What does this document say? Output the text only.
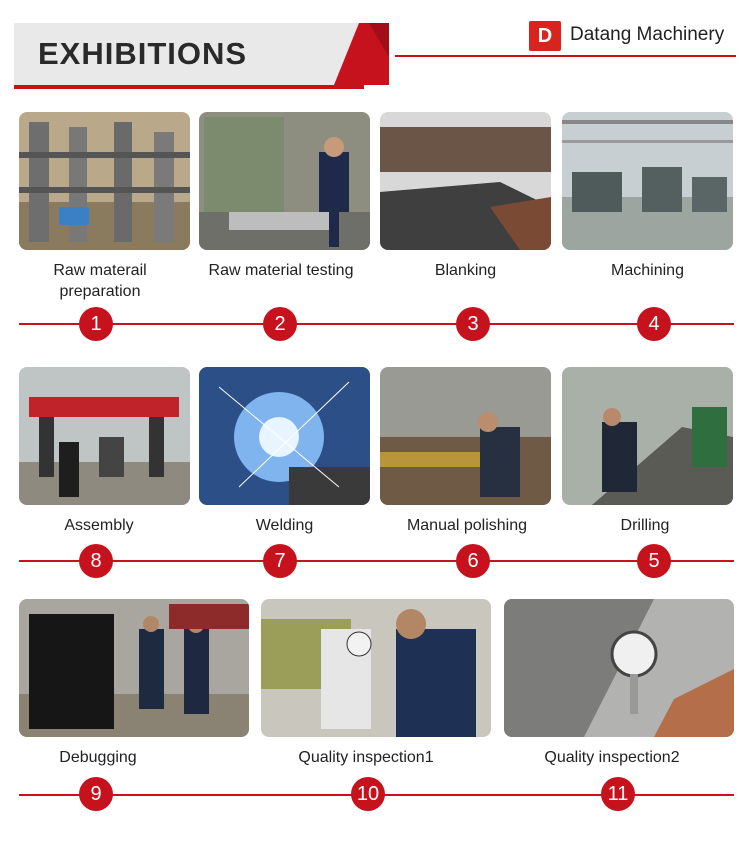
EXHIBITIONS	D Datang Machinery
Raw materail preparation
Raw material testing	Blanking	Machining
1	2	3	4
Assembly	Welding	Manual polishing	Drilling
8	7	6	5
Debugging	Quality inspection1	Quality inspection2
9	10	11
